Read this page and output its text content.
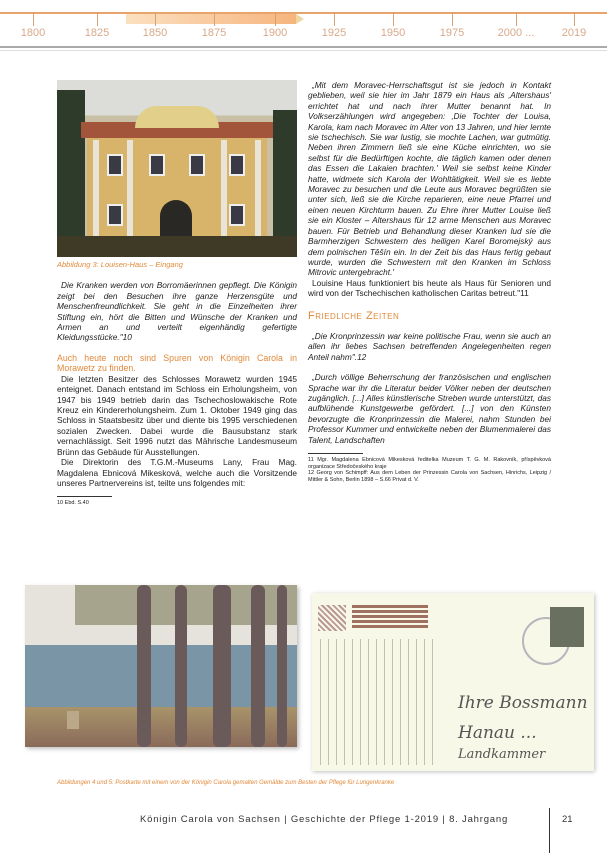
1800	1825	1850	1875	1900	1925	1950	1975	2000 ... 2019
Abbildung 3: Louisen-Haus – Eingang

Die Kranken werden von Borromäerinnen gepflegt. Die Königin zeigt bei den Besuchen ihre ganze Herzensgüte und Menschenfreundlichkeit. Sie geht in die Einzelheiten ihrer Stiftung ein, hört die Bitten und Wünsche der Kranken und Armen an und verteilt eigenhändig gefertigte Kleidungsstücke."10

Auch heute noch sind Spuren von Königin Carola in Morawetz zu finden.

Die letzten Besitzer des Schlosses Morawetz wurden 1945 enteignet. Danach entstand im Schloss ein Erholungsheim, von 1947 bis 1949 betrieb darin das Tschechoslowakische Rote Kreuz ein Kindererholungsheim. Zum 1. Oktober 1949 ging das Schloss in Staatsbesitz über und diente bis 1995 verschiedenen sozialen Zwecken. Dabei wurde die Bausubstanz stark vernachlässigt. Seit 1996 nutzt das Mährische Landesmuseum Brünn das Gebäude für Ausstellungen.

Die Direktorin des T.G.M.-Museums Lany, Frau Mag. Magdalena Ebnicová Mikesková, welche auch die Vorsitzende unseres Partnervereins ist, teilte uns folgendes mit:

10 Ebd. S.40

„Mit dem Moravec-Herrschaftsgut ist sie jedoch in Kontakt geblieben, weil sie hier im Jahr 1879 ein Haus als ‚Altershaus' errichtet hat und nach ihrer Mutter benannt hat. In Volkserzählungen wird angegeben: ‚Die Tochter der Louisa, Karola, kam nach Moravec im Alter von 13 Jahren, und hier lernte sie tschechisch. Sie war lustig, sie mochte Lachen, war gutmütig. Neben ihren Zimmern ließ sie eine Küche einrichten, wo sie selbst für die Bedürftigen kochte, die täglich kamen oder denen das Essen die Lakaien brachten.' Weil sie selbst keine Kinder hatte, widmete sich Karola der Wohltätigkeit. Weil sie es liebte Moravec zu besuchen und die Leute aus Moravec begrüßten sie unter sich, ließ sie die Kirche reparieren, eine neue Pfarrei und einen neuen Kirchturm bauen. Zu Ehre ihrer Mutter Louise ließ sie ein Kloster – Altershaus für 12 arme Menschen aus Moravec bauen. Für Betrieb und Behandlung dieser Kranken lud sie die Barmherzigen Schwestern des heiligen Karel Boromejský aus dem polnischen Těšín ein. In der Zeit bis das Haus fertig gebaut wurde, wurden die Schwestern mit den Kranken im Schloss Mitrovic untergebracht.'

Louisine Haus funktioniert bis heute als Haus für Senioren und wird von der Tschechischen katholischen Caritas betreut."11

Friedliche Zeiten

„Die Kronprinzessin war keine politische Frau, wenn sie auch an allen ihr liebes Sachsen betreffenden Angelegenheiten regen Anteil nahm".12

„Durch völlige Beherrschung der französischen und englischen Sprache war ihr die Literatur beider Völker neben der deutschen zugänglich. [...] Alles künstlerische Streben wurde unterstützt, das aufblühende Kunstgewerbe gefördert. [...] von den Künsten bevorzugte die Kronprinzessin die Malerei, nahm Stunden bei Professor Kummer und entwickelte neben der Blumenmalerei das Talent, Landschaften

11 Mgr. Magdalena Ebnicová Mikesková ředitelka Muzeum T. G. M. Rakovník, příspěvková organizace Středočeského kraje
12 Georg von Schimpff: Aus dem Leben der Prinzessin Carola von Sachsen, Hinrichs, Leipzig / Mittler & Sohn, Berlin 1898 – S.66 Privat d. V.
Ihre Bossmann
Hanau ...
Landkammer
Abbildungen 4 und 5: Postkarte mit einem von der Königin Carola gemalten Gemälde zum Besten der Pflege für Lungenkranke
Königin Carola von Sachsen | Geschichte der Pflege 1-2019 | 8. Jahrgang	21
